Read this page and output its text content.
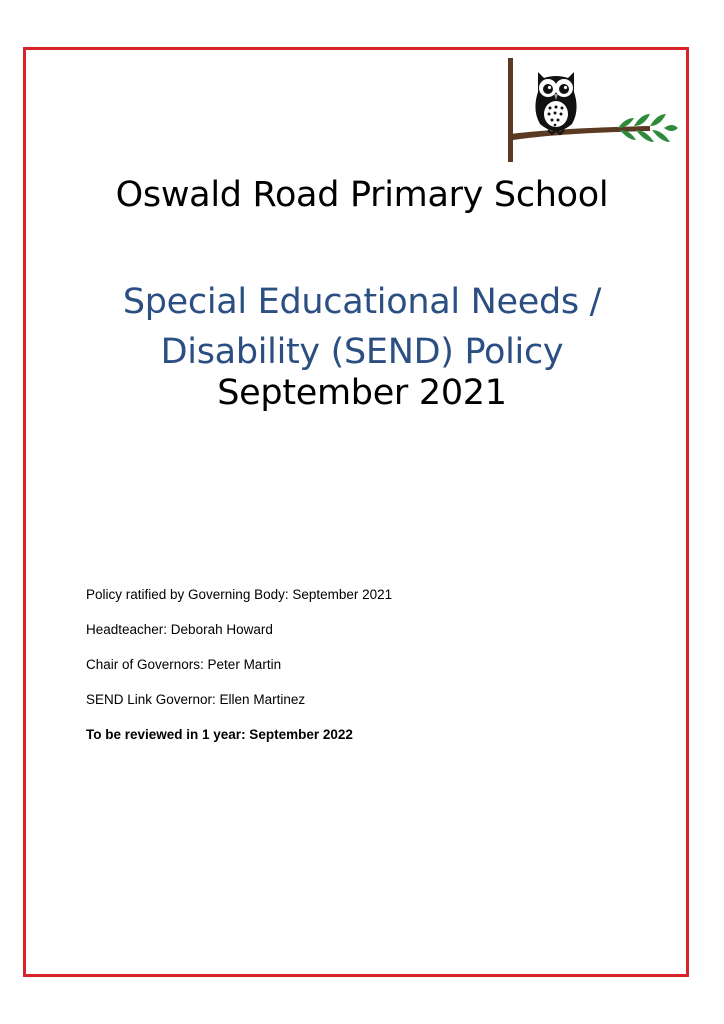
Oswald Road Primary School
Special Educational Needs /
Disability (SEND) Policy
September 2021
Policy ratified by Governing Body: September 2021
Headteacher: Deborah Howard
Chair of Governors: Peter Martin
SEND Link Governor: Ellen Martinez
To be reviewed in 1 year: September 2022
